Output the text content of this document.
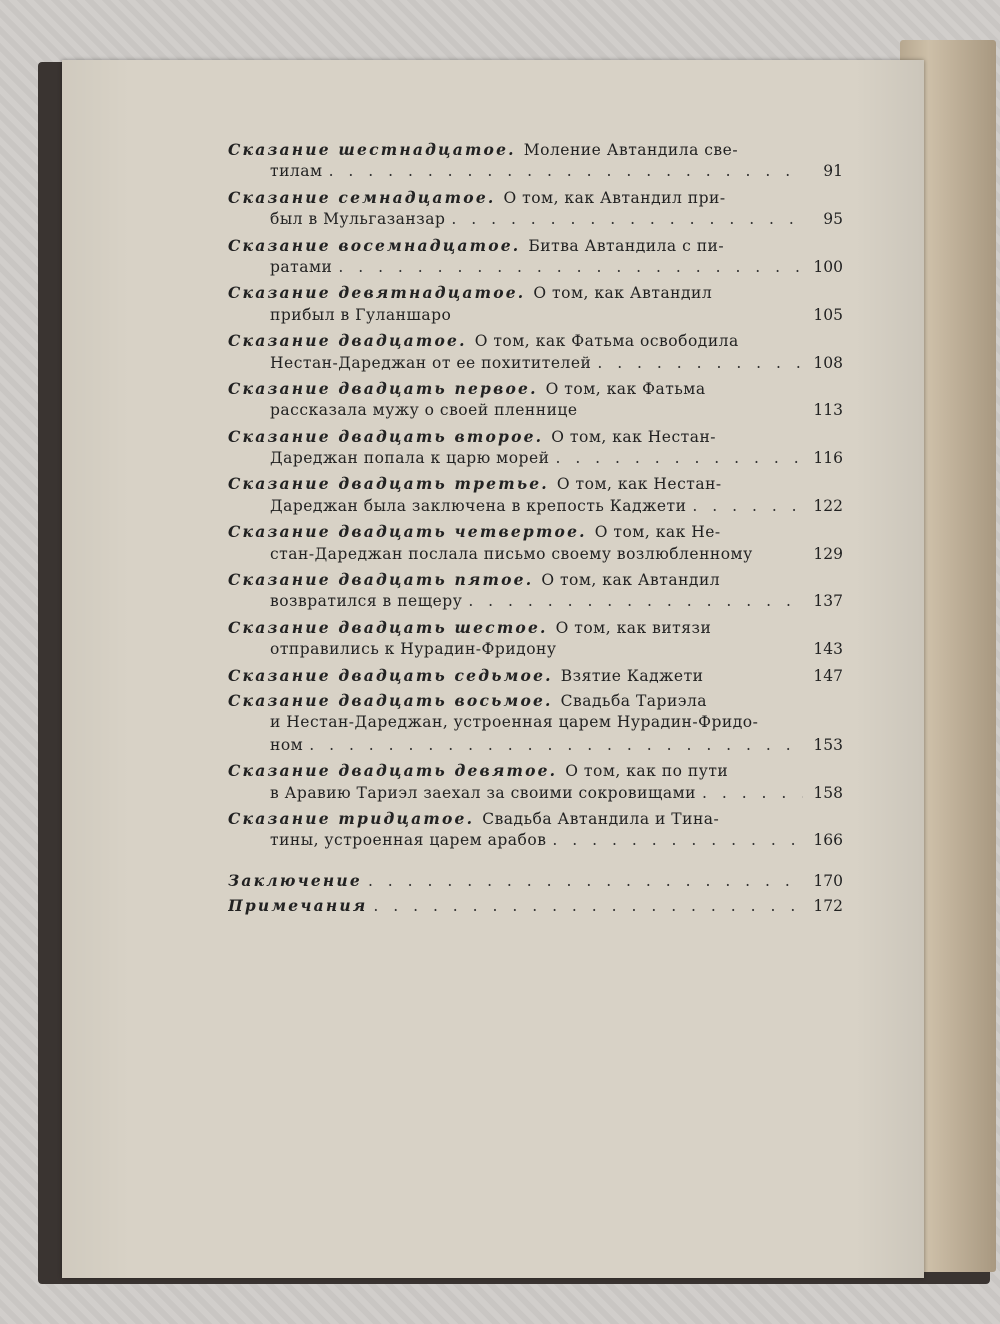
Сказание шестнадцатое. Моление Автандила све-
тилам . . .	91
Сказание семнадцатое. О том, как Автандил при-
был в Мульгазанзар . . .	95
Сказание восемнадцатое. Битва Автандила с пи-
ратами . . .	100
Сказание девятнадцатое. О том, как Автандил
прибыл в Гуланшаро	105
Сказание двадцатое. О том, как Фатьма освободила
Нестан-Дареджан от ее похитителей . . .	108
Сказание двадцать первое. О том, как Фатьма
рассказала мужу о своей пленнице	113
Сказание двадцать второе. О том, как Нестан-
Дареджан попала к царю морей . . .	116
Сказание двадцать третье. О том, как Нестан-
Дареджан была заключена в крепость Каджети . . .	122
Сказание двадцать четвертое. О том, как Не-
стан-Дареджан послала письмо своему возлюбленному	129
Сказание двадцать пятое. О том, как Автандил
возвратился в пещеру . . .	137
Сказание двадцать шестое. О том, как витязи
отправились к Нурадин-Фридону	143
Сказание двадцать седьмое. Взятие Каджети	147
Сказание двадцать восьмое. Свадьба Тариэла
и Нестан-Дареджан, устроенная царем Нурадин-Фридо-
ном . . .	153
Сказание двадцать девятое. О том, как по пути
в Аравию Тариэл заехал за своими сокровищами . . .	158
Сказание тридцатое. Свадьба Автандила и Тина-
тины, устроенная царем арабов . . .	166
Заключение . . .	170
Примечания . . .	172
